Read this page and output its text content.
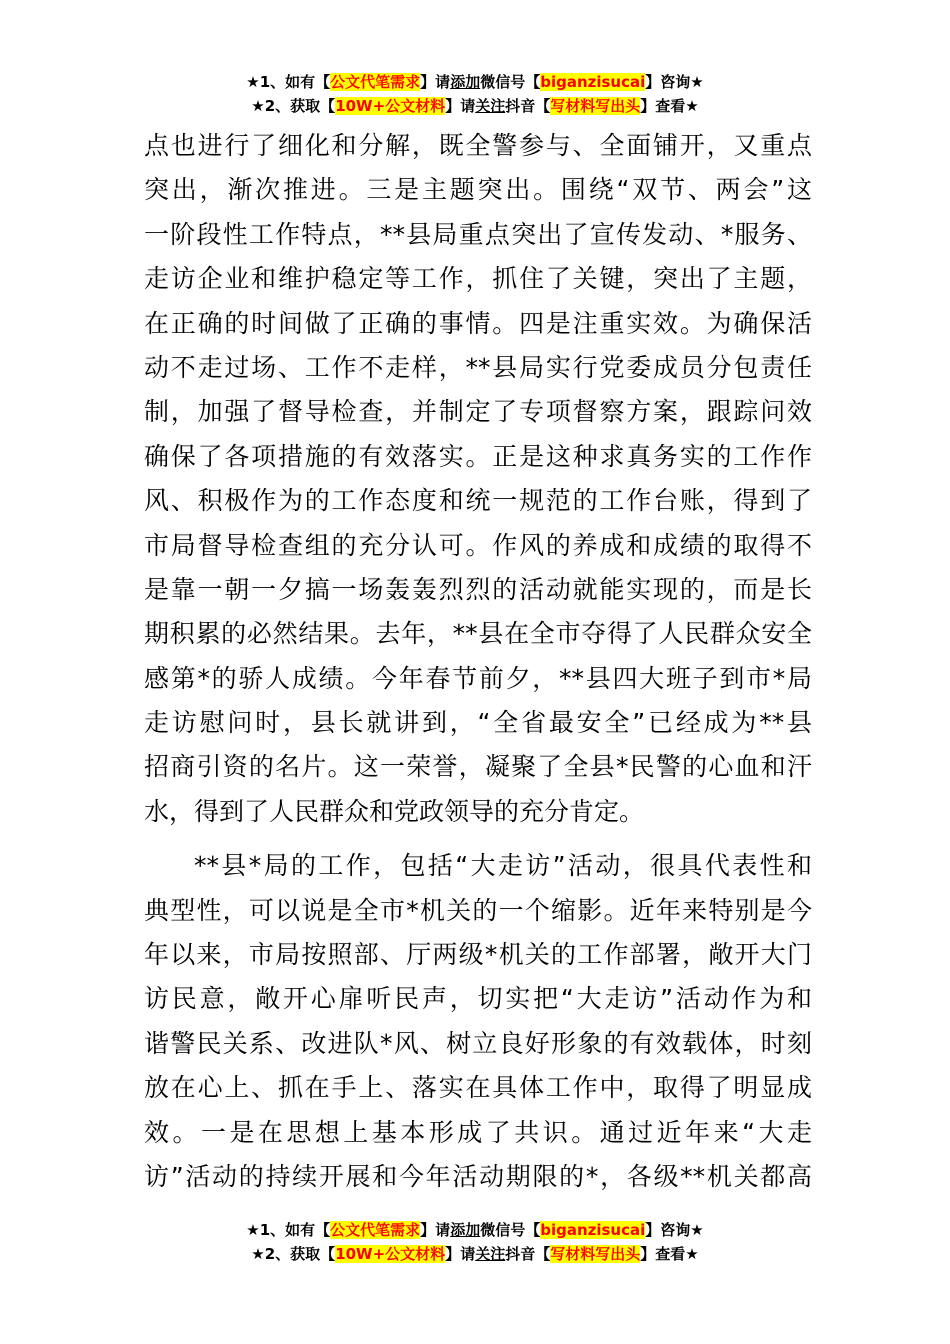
★1、如有【公文代笔需求】请添加微信号【biganzisucai】咨询★
★2、获取【10W+公文材料】请关注抖音【写材料写出头】查看★
点也进行了细化和分解，既全警参与、全面铺开，又重点
突出，渐次推进。三是主题突出。围绕“双节、两会”这
一阶段性工作特点，**县局重点突出了宣传发动、*服务、
走访企业和维护稳定等工作，抓住了关键，突出了主题，
在正确的时间做了正确的事情。四是注重实效。为确保活
动不走过场、工作不走样，**县局实行党委成员分包责任
制，加强了督导检查，并制定了专项督察方案，跟踪问效
确保了各项措施的有效落实。正是这种求真务实的工作作
风、积极作为的工作态度和统一规范的工作台账，得到了
市局督导检查组的充分认可。作风的养成和成绩的取得不
是靠一朝一夕搞一场轰轰烈烈的活动就能实现的，而是长
期积累的必然结果。去年，**县在全市夺得了人民群众安全
感第*的骄人成绩。今年春节前夕，**县四大班子到市*局
走访慰问时，县长就讲到，“全省最安全”已经成为**县
招商引资的名片。这一荣誉，凝聚了全县*民警的心血和汗
水，得到了人民群众和党政领导的充分肯定。
**县*局的工作，包括“大走访”活动，很具代表性和
典型性，可以说是全市*机关的一个缩影。近年来特别是今
年以来，市局按照部、厅两级*机关的工作部署，敞开大门
访民意，敞开心扉听民声，切实把“大走访”活动作为和
谐警民关系、改进队*风、树立良好形象的有效载体，时刻
放在心上、抓在手上、落实在具体工作中，取得了明显成
效。一是在思想上基本形成了共识。通过近年来“大走
访”活动的持续开展和今年活动期限的*，各级**机关都高
★1、如有【公文代笔需求】请添加微信号【biganzisucai】咨询★
★2、获取【10W+公文材料】请关注抖音【写材料写出头】查看★
